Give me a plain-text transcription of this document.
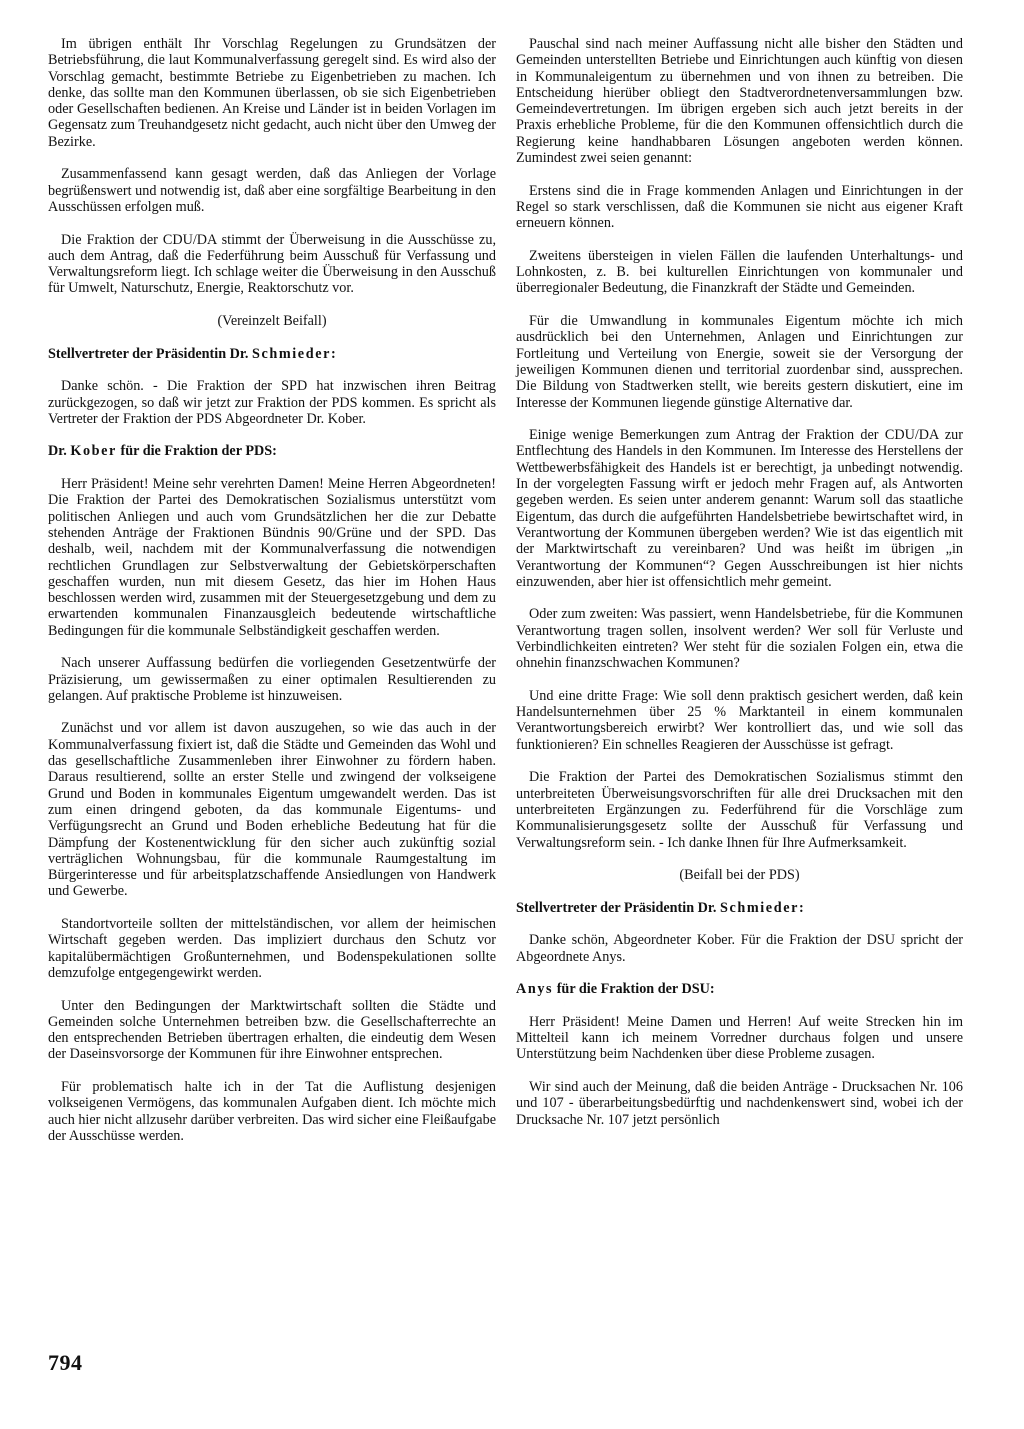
Im übrigen enthält Ihr Vorschlag Regelungen zu Grundsätzen der Betriebsführung, die laut Kommunalverfassung geregelt sind. Es wird also der Vorschlag gemacht, bestimmte Betriebe zu Eigenbetrieben zu machen. Ich denke, das sollte man den Kommunen überlassen, ob sie sich Eigenbetrieben oder Gesellschaften bedienen. An Kreise und Länder ist in beiden Vorlagen im Gegensatz zum Treuhandgesetz nicht gedacht, auch nicht über den Umweg der Bezirke.

Zusammenfassend kann gesagt werden, daß das Anliegen der Vorlage begrüßenswert und notwendig ist, daß aber eine sorgfältige Bearbeitung in den Ausschüssen erfolgen muß.

Die Fraktion der CDU/DA stimmt der Überweisung in die Ausschüsse zu, auch dem Antrag, daß die Federführung beim Ausschuß für Verfassung und Verwaltungsreform liegt. Ich schlage weiter die Überweisung in den Ausschuß für Umwelt, Naturschutz, Energie, Reaktorschutz vor.

(Vereinzelt Beifall)

Stellvertreter der Präsidentin Dr. Schmieder:

Danke schön. - Die Fraktion der SPD hat inzwischen ihren Beitrag zurückgezogen, so daß wir jetzt zur Fraktion der PDS kommen. Es spricht als Vertreter der Fraktion der PDS Abgeordneter Dr. Kober.

Dr. Kober für die Fraktion der PDS:

Herr Präsident! Meine sehr verehrten Damen! Meine Herren Abgeordneten! Die Fraktion der Partei des Demokratischen Sozialismus unterstützt vom politischen Anliegen und auch vom Grundsätzlichen her die zur Debatte stehenden Anträge der Fraktionen Bündnis 90/Grüne und der SPD. Das deshalb, weil, nachdem mit der Kommunalverfassung die notwendigen rechtlichen Grundlagen zur Selbstverwaltung der Gebietskörperschaften geschaffen wurden, nun mit diesem Gesetz, das hier im Hohen Haus beschlossen werden wird, zusammen mit der Steuergesetzgebung und dem zu erwartenden kommunalen Finanzausgleich bedeutende wirtschaftliche Bedingungen für die kommunale Selbständigkeit geschaffen werden.

Nach unserer Auffassung bedürfen die vorliegenden Gesetzentwürfe der Präzisierung, um gewissermaßen zu einer optimalen Resultierenden zu gelangen. Auf praktische Probleme ist hinzuweisen.

Zunächst und vor allem ist davon auszugehen, so wie das auch in der Kommunalverfassung fixiert ist, daß die Städte und Gemeinden das Wohl und das gesellschaftliche Zusammenleben ihrer Einwohner zu fördern haben. Daraus resultierend, sollte an erster Stelle und zwingend der volkseigene Grund und Boden in kommunales Eigentum umgewandelt werden. Das ist zum einen dringend geboten, da das kommunale Eigentums- und Verfügungsrecht an Grund und Boden erhebliche Bedeutung hat für die Dämpfung der Kostenentwicklung für den sicher auch zukünftig sozial verträglichen Wohnungsbau, für die kommunale Raumgestaltung im Bürgerinteresse und für arbeitsplatzschaffende Ansiedlungen von Handwerk und Gewerbe.

Standortvorteile sollten der mittelständischen, vor allem der heimischen Wirtschaft gegeben werden. Das impliziert durchaus den Schutz vor kapitalübermächtigen Großunternehmen, und Bodenspekulationen sollte demzufolge entgegengewirkt werden.

Unter den Bedingungen der Marktwirtschaft sollten die Städte und Gemeinden solche Unternehmen betreiben bzw. die Gesellschafterrechte an den entsprechenden Betrieben übertragen erhalten, die eindeutig dem Wesen der Daseinsvorsorge der Kommunen für ihre Einwohner entsprechen.

Für problematisch halte ich in der Tat die Auflistung desjenigen volkseigenen Vermögens, das kommunalen Aufgaben dient. Ich möchte mich auch hier nicht allzusehr darüber verbreiten. Das wird sicher eine Fleißaufgabe der Ausschüsse werden.

Pauschal sind nach meiner Auffassung nicht alle bisher den Städten und Gemeinden unterstellten Betriebe und Einrichtungen auch künftig von diesen in Kommunaleigentum zu übernehmen und von ihnen zu betreiben. Die Entscheidung hierüber obliegt den Stadtverordnetenversammlungen bzw. Gemeindevertretungen. Im übrigen ergeben sich auch jetzt bereits in der Praxis erhebliche Probleme, für die den Kommunen offensichtlich durch die Regierung keine handhabbaren Lösungen angeboten werden können. Zumindest zwei seien genannt:

Erstens sind die in Frage kommenden Anlagen und Einrichtungen in der Regel so stark verschlissen, daß die Kommunen sie nicht aus eigener Kraft erneuern können.

Zweitens übersteigen in vielen Fällen die laufenden Unterhaltungs- und Lohnkosten, z. B. bei kulturellen Einrichtungen von kommunaler und überregionaler Bedeutung, die Finanzkraft der Städte und Gemeinden.

Für die Umwandlung in kommunales Eigentum möchte ich mich ausdrücklich bei den Unternehmen, Anlagen und Einrichtungen zur Fortleitung und Verteilung von Energie, soweit sie der Versorgung der jeweiligen Kommunen dienen und territorial zuordenbar sind, aussprechen. Die Bildung von Stadtwerken stellt, wie bereits gestern diskutiert, eine im Interesse der Kommunen liegende günstige Alternative dar.

Einige wenige Bemerkungen zum Antrag der Fraktion der CDU/DA zur Entflechtung des Handels in den Kommunen. Im Interesse des Herstellens der Wettbewerbsfähigkeit des Handels ist er berechtigt, ja unbedingt notwendig. In der vorgelegten Fassung wirft er jedoch mehr Fragen auf, als Antworten gegeben werden. Es seien unter anderem genannt: Warum soll das staatliche Eigentum, das durch die aufgeführten Handelsbetriebe bewirtschaftet wird, in Verantwortung der Kommunen übergeben werden? Wie ist das eigentlich mit der Marktwirtschaft zu vereinbaren? Und was heißt im übrigen „in Verantwortung der Kommunen“? Gegen Ausschreibungen ist hier nichts einzuwenden, aber hier ist offensichtlich mehr gemeint.

Oder zum zweiten: Was passiert, wenn Handelsbetriebe, für die Kommunen Verantwortung tragen sollen, insolvent werden? Wer soll für Verluste und Verbindlichkeiten eintreten? Wer steht für die sozialen Folgen ein, etwa die ohnehin finanzschwachen Kommunen?

Und eine dritte Frage: Wie soll denn praktisch gesichert werden, daß kein Handelsunternehmen über 25 % Marktanteil in einem kommunalen Verantwortungsbereich erwirbt? Wer kontrolliert das, und wie soll das funktionieren? Ein schnelles Reagieren der Ausschüsse ist gefragt.

Die Fraktion der Partei des Demokratischen Sozialismus stimmt den unterbreiteten Überweisungsvorschriften für alle drei Drucksachen mit den unterbreiteten Ergänzungen zu. Federführend für die Vorschläge zum Kommunalisierungsgesetz sollte der Ausschuß für Verfassung und Verwaltungsreform sein. - Ich danke Ihnen für Ihre Aufmerksamkeit.

(Beifall bei der PDS)

Stellvertreter der Präsidentin Dr. Schmieder:

Danke schön, Abgeordneter Kober. Für die Fraktion der DSU spricht der Abgeordnete Anys.

Anys für die Fraktion der DSU:

Herr Präsident! Meine Damen und Herren! Auf weite Strecken hin im Mittelteil kann ich meinem Vorredner durchaus folgen und unsere Unterstützung beim Nachdenken über diese Probleme zusagen.

Wir sind auch der Meinung, daß die beiden Anträge - Drucksachen Nr. 106 und 107 - überarbeitungsbedürftig und nachdenkenswert sind, wobei ich der Drucksache Nr. 107 jetzt persönlich

794
